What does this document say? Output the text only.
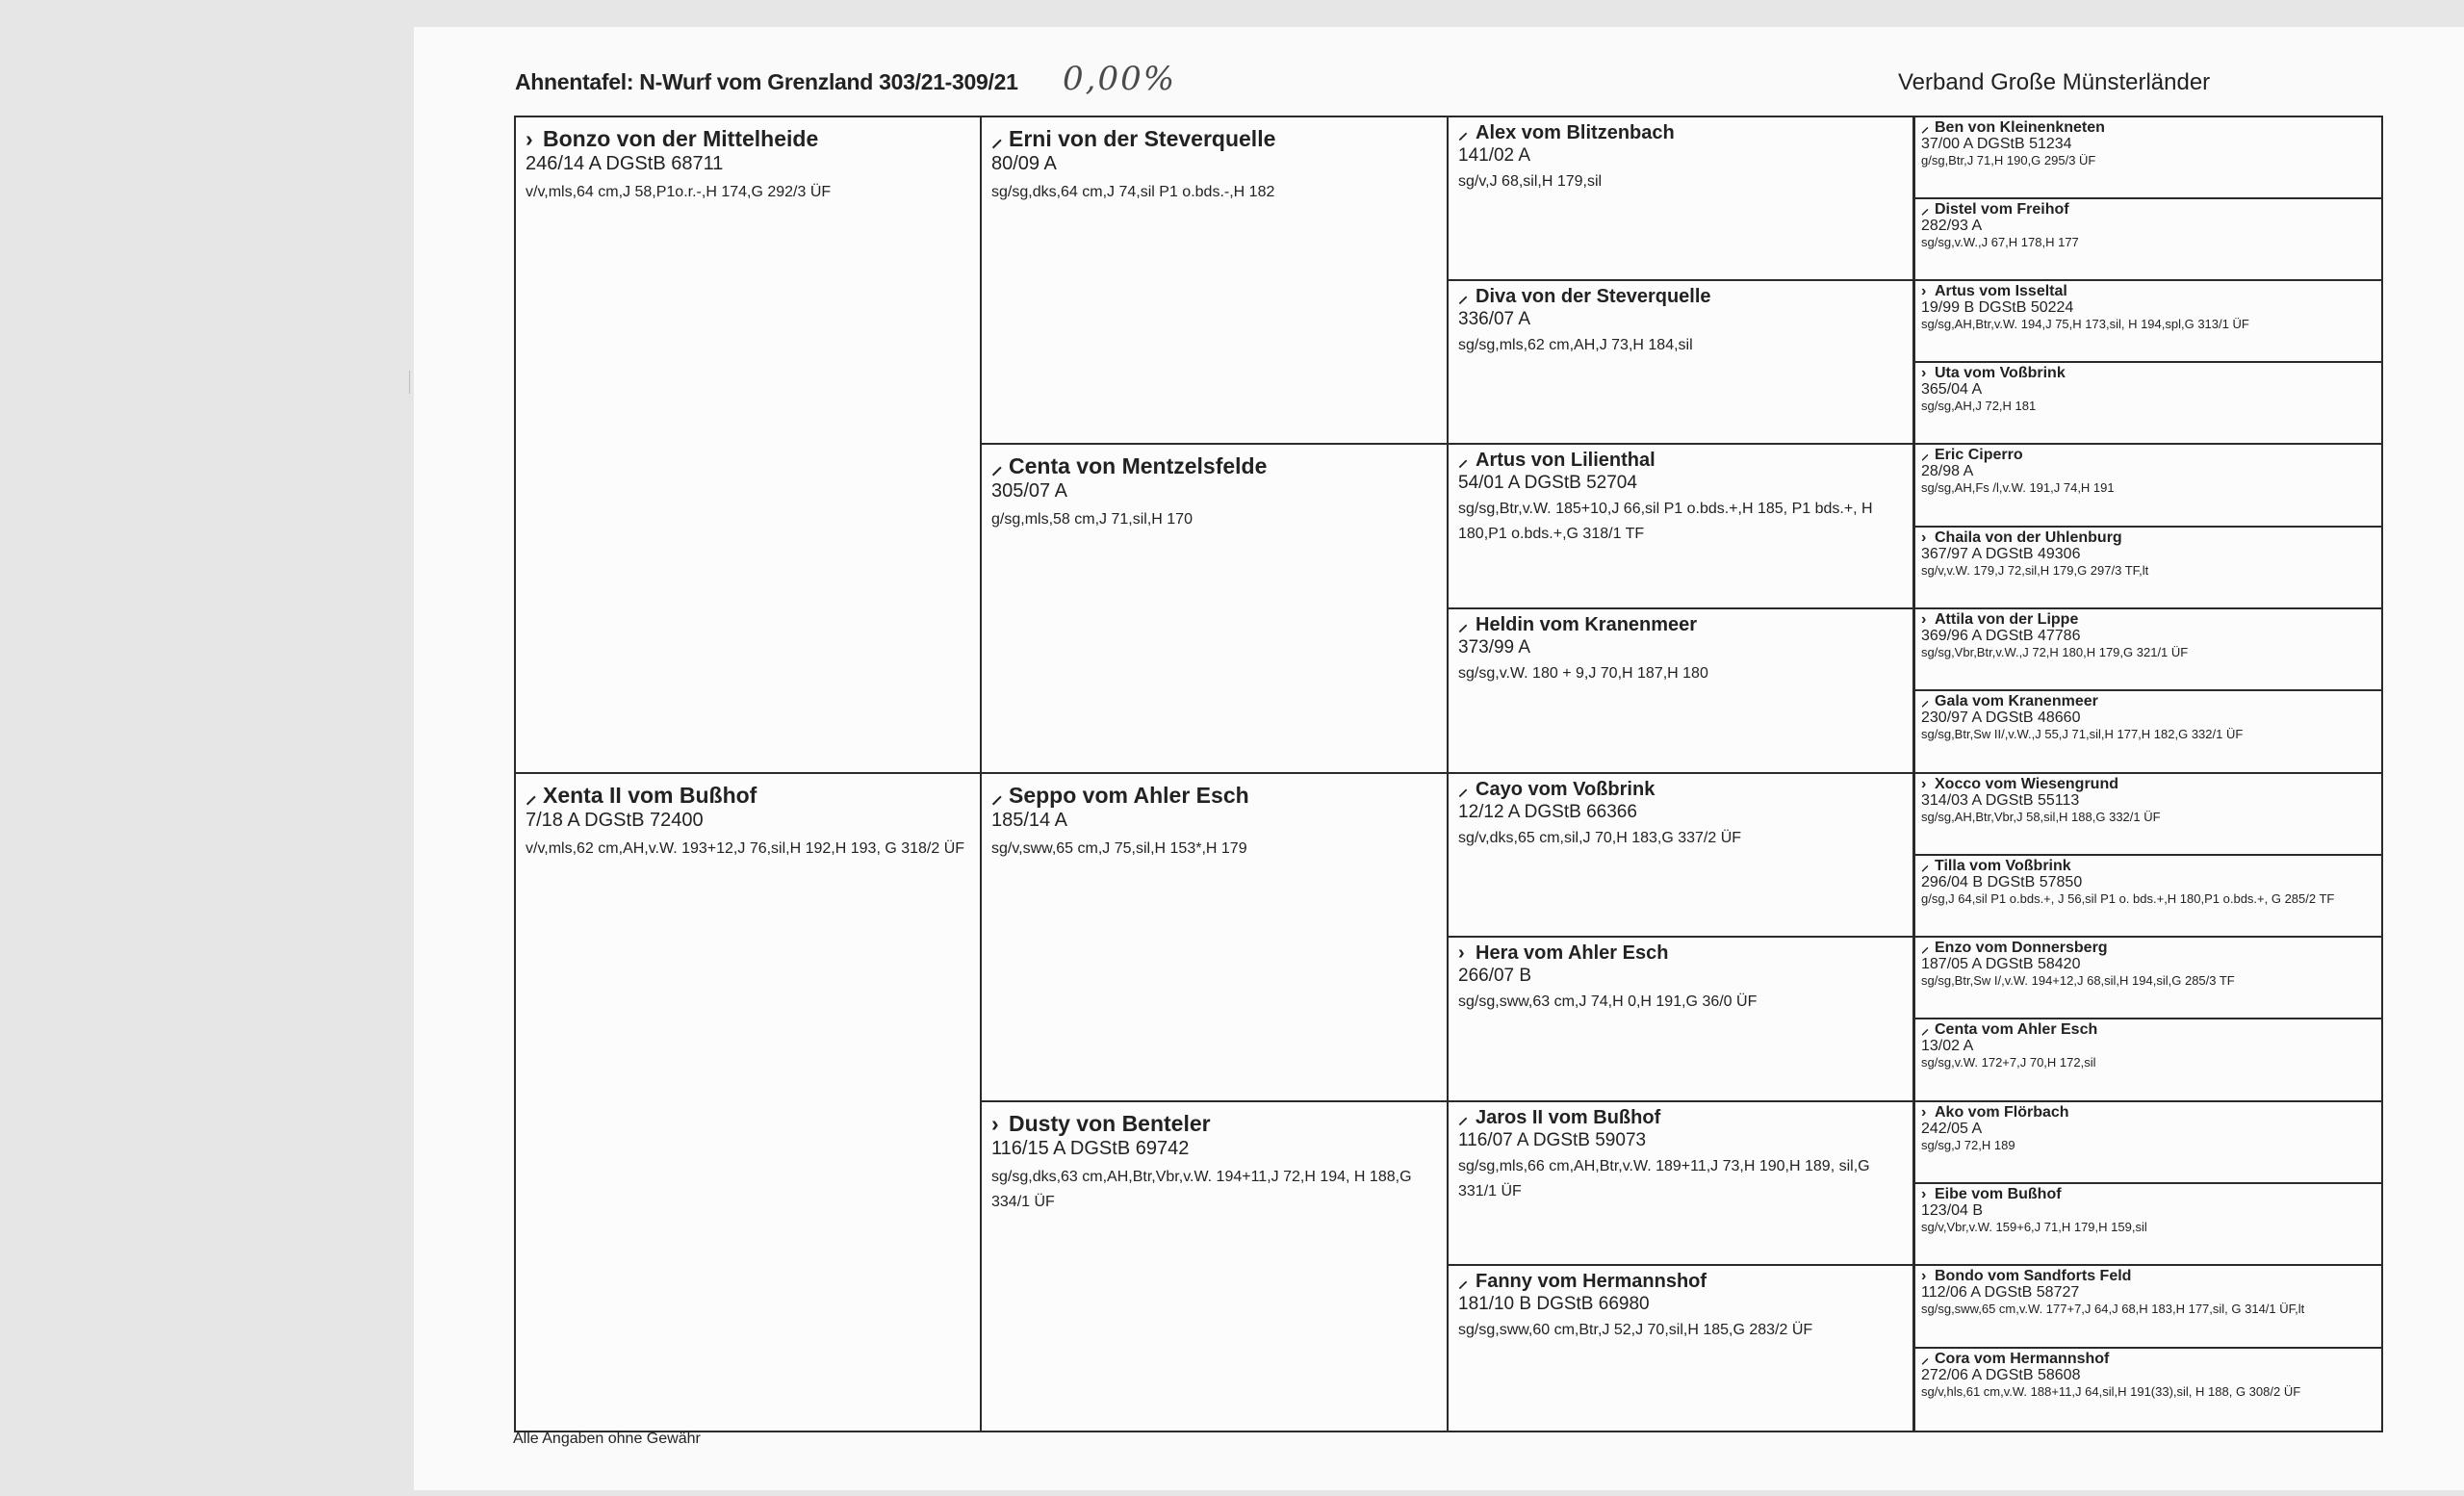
Ahnentafel: N-Wurf vom Grenzland 303/21-309/21 0,00%	Verband Große Münsterländer
› Bonzo von der Mittelheide
246/14 A DGStB 68711
v/v,mls,64 cm,J 58,P1o.r.-,H 174,G 292/3 ÜF
⸝ Xenta II vom Bußhof
7/18 A DGStB 72400
v/v,mls,62 cm,AH,v.W. 193+12,J 76,sil,H 192,H 193, G 318/2 ÜF
⸝ Erni von der Steverquelle
80/09 A
sg/sg,dks,64 cm,J 74,sil P1 o.bds.-,H 182
⸝ Centa von Mentzelsfelde
305/07 A
g/sg,mls,58 cm,J 71,sil,H 170
⸝ Seppo vom Ahler Esch
185/14 A
sg/v,sww,65 cm,J 75,sil,H 153*,H 179
› Dusty von Benteler
116/15 A DGStB 69742
sg/sg,dks,63 cm,AH,Btr,Vbr,v.W. 194+11,J 72,H 194, H 188,G 334/1 ÜF
⸝ Alex vom Blitzenbach
141/02 A
sg/v,J 68,sil,H 179,sil
⸝ Diva von der Steverquelle
336/07 A
sg/sg,mls,62 cm,AH,J 73,H 184,sil
⸝ Artus von Lilienthal
54/01 A DGStB 52704
sg/sg,Btr,v.W. 185+10,J 66,sil P1 o.bds.+,H 185, P1 bds.+, H 180,P1 o.bds.+,G 318/1 TF
⸝ Heldin vom Kranenmeer
373/99 A
sg/sg,v.W. 180 + 9,J 70,H 187,H 180
⸝ Cayo vom Voßbrink
12/12 A DGStB 66366
sg/v,dks,65 cm,sil,J 70,H 183,G 337/2 ÜF
› Hera vom Ahler Esch
266/07 B
sg/sg,sww,63 cm,J 74,H 0,H 191,G 36/0 ÜF
⸝ Jaros II vom Bußhof
116/07 A DGStB 59073
sg/sg,mls,66 cm,AH,Btr,v.W. 189+11,J 73,H 190,H 189, sil,G 331/1 ÜF
⸝ Fanny vom Hermannshof
181/10 B DGStB 66980
sg/sg,sww,60 cm,Btr,J 52,J 70,sil,H 185,G 283/2 ÜF
⸝ Ben von Kleinenkneten
37/00 A DGStB 51234
g/sg,Btr,J 71,H 190,G 295/3 ÜF
⸝ Distel vom Freihof
282/93 A
sg/sg,v.W.,J 67,H 178,H 177
› Artus vom Isseltal
19/99 B DGStB 50224
sg/sg,AH,Btr,v.W. 194,J 75,H 173,sil, H 194,spl,G 313/1 ÜF
› Uta vom Voßbrink
365/04 A
sg/sg,AH,J 72,H 181
⸝ Eric Ciperro
28/98 A
sg/sg,AH,Fs /l,v.W. 191,J 74,H 191
› Chaila von der Uhlenburg
367/97 A DGStB 49306
sg/v,v.W. 179,J 72,sil,H 179,G 297/3 TF,lt
› Attila von der Lippe
369/96 A DGStB 47786
sg/sg,Vbr,Btr,v.W.,J 72,H 180,H 179,G 321/1 ÜF
⸝ Gala vom Kranenmeer
230/97 A DGStB 48660
sg/sg,Btr,Sw II/,v.W.,J 55,J 71,sil,H 177,H 182,G 332/1 ÜF
› Xocco vom Wiesengrund
314/03 A DGStB 55113
sg/sg,AH,Btr,Vbr,J 58,sil,H 188,G 332/1 ÜF
⸝ Tilla vom Voßbrink
296/04 B DGStB 57850
g/sg,J 64,sil P1 o.bds.+, J 56,sil P1 o. bds.+,H 180,P1 o.bds.+, G 285/2 TF
⸝ Enzo vom Donnersberg
187/05 A DGStB 58420
sg/sg,Btr,Sw I/,v.W. 194+12,J 68,sil,H 194,sil,G 285/3 TF
⸝ Centa vom Ahler Esch
13/02 A
sg/sg,v.W. 172+7,J 70,H 172,sil
› Ako vom Flörbach
242/05 A
sg/sg,J 72,H 189
› Eibe vom Bußhof
123/04 B
sg/v,Vbr,v.W. 159+6,J 71,H 179,H 159,sil
› Bondo vom Sandforts Feld
112/06 A DGStB 58727
sg/sg,sww,65 cm,v.W. 177+7,J 64,J 68,H 183,H 177,sil, G 314/1 ÜF,lt
⸝ Cora vom Hermannshof
272/06 A DGStB 58608
sg/v,hls,61 cm,v.W. 188+11,J 64,sil,H 191(33),sil, H 188, G 308/2 ÜF
Alle Angaben ohne Gewähr
